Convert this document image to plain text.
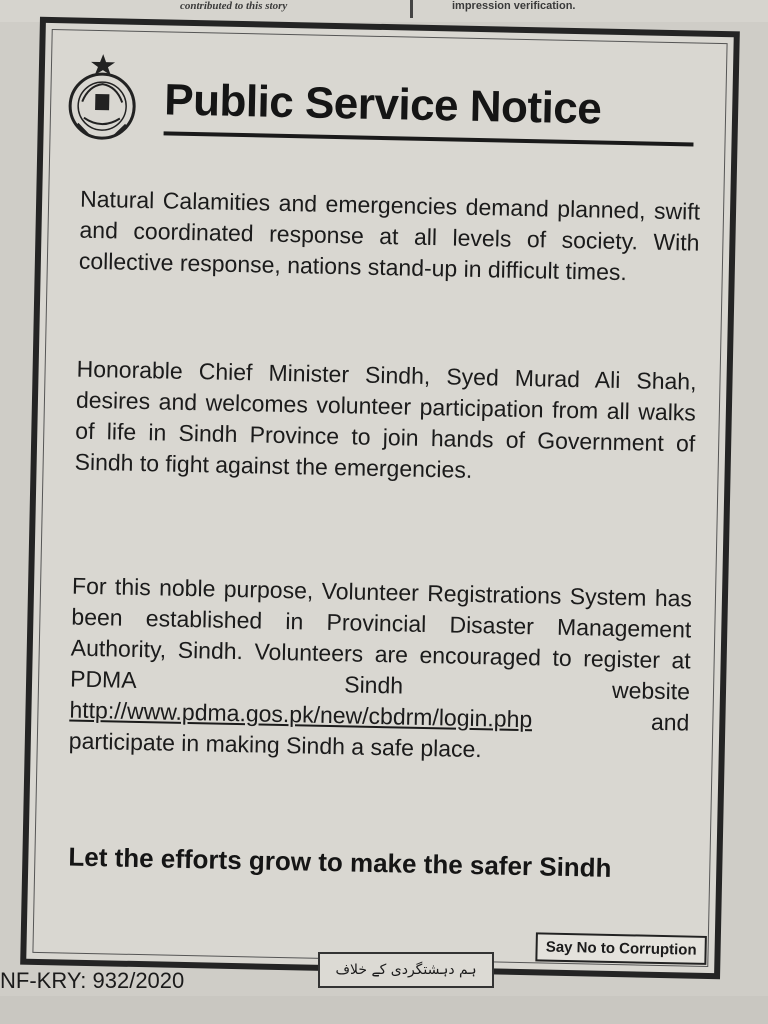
contributed to this story	impression verification.
Public Service Notice

Natural Calamities and emergencies demand planned, swift and coordinated response at all levels of society. With collective response, nations stand-up in difficult times.

Honorable Chief Minister Sindh, Syed Murad Ali Shah, desires and welcomes volunteer participation from all walks of life in Sindh Province to join hands of Government of Sindh to fight against the emergencies.

For this noble purpose, Volunteer Registrations System has been established in Provincial Disaster Management Authority, Sindh. Volunteers are encouraged to register at PDMA Sindh website http://www.pdma.gos.pk/new/cbdrm/login.php and participate in making Sindh a safe place.

Let the efforts grow to make the safer Sindh

Say No to Corruption
NF-KRY: 932/2020	ہم دہشتگردی کے خلاف
